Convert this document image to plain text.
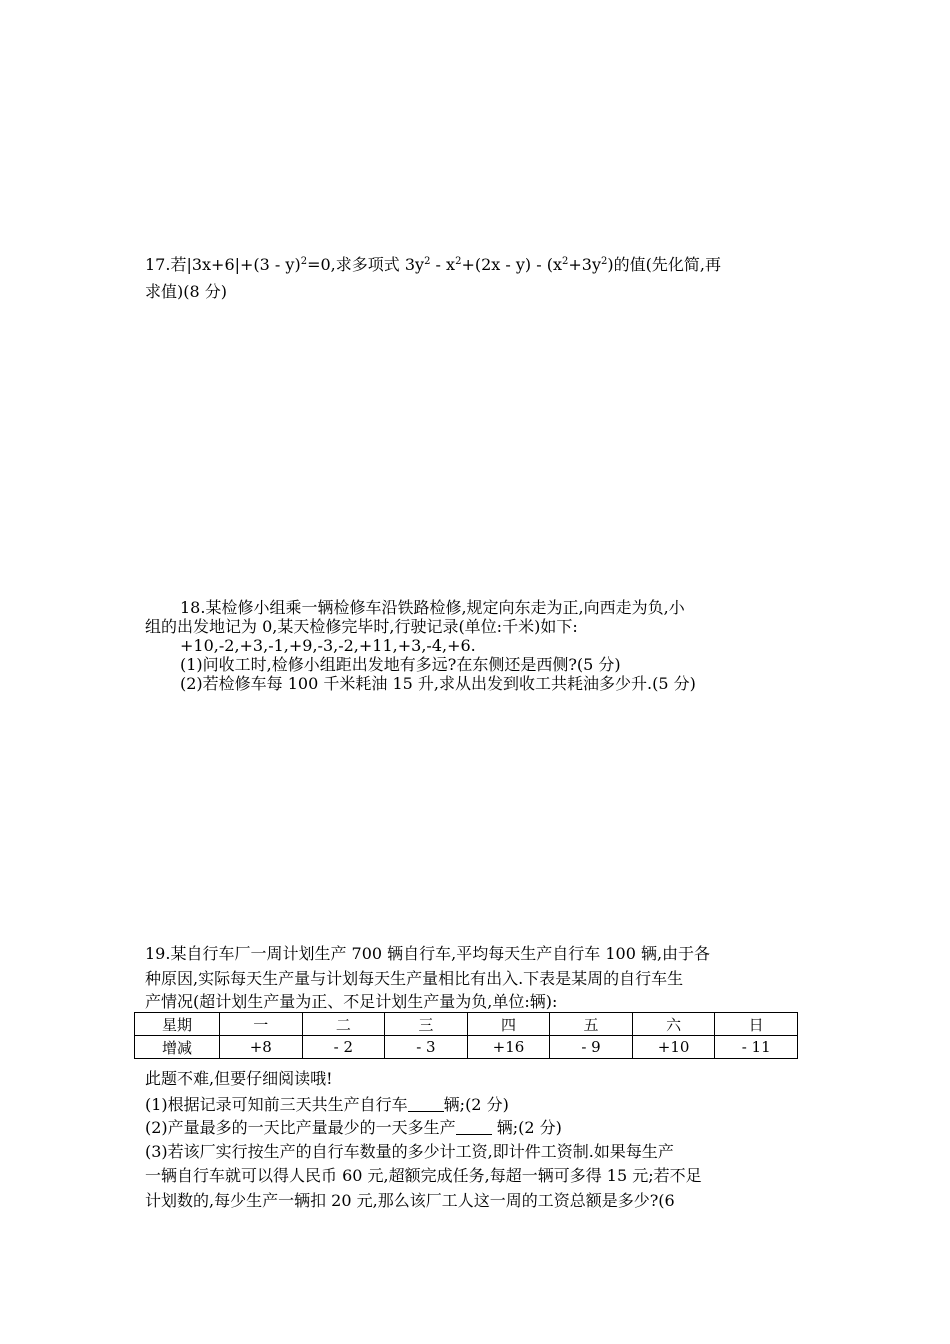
17.若|3x+6|+(3 - y)$^2$=0,求多项式 $3y^2 - x^2+(2x - y) - (x^2+3y^2)$的值(先化简,再
求值)(8 分)
18.某检修小组乘一辆检修车沿铁路检修,规定向东走为正,向西走为负,小
组的出发地记为 0,某天检修完毕时,行驶记录(单位:千米)如下:
+10,-2,+3,-1,+9,-3,-2,+11,+3,-4,+6.
(1)问收工时,检修小组距出发地有多远?在东侧还是西侧?(5 分)
(2)若检修车每 100 千米耗油 15 升,求从出发到收工共耗油多少升.(5 分)
19.某自行车厂一周计划生产 700 辆自行车,平均每天生产自行车 100 辆,由于各
种原因,实际每天生产量与计划每天生产量相比有出入.下表是某周的自行车生
产情况(超计划生产量为正、不足计划生产量为负,单位:辆):
星期	一	二	三	四	五	六	日
增减	+8	- 2	- 3	+16	- 9	+10	- 11
此题不难,但要仔细阅读哦!
(1)根据记录可知前三天共生产自行车 辆;(2 分)
(2)产量最多的一天比产量最少的一天多生产 辆;(2 分)
(3)若该厂实行按生产的自行车数量的多少计工资,即计件工资制.如果每生产
一辆自行车就可以得人民币 60 元,超额完成任务,每超一辆可多得 15 元;若不足
计划数的,每少生产一辆扣 20 元,那么该厂工人这一周的工资总额是多少?(6
